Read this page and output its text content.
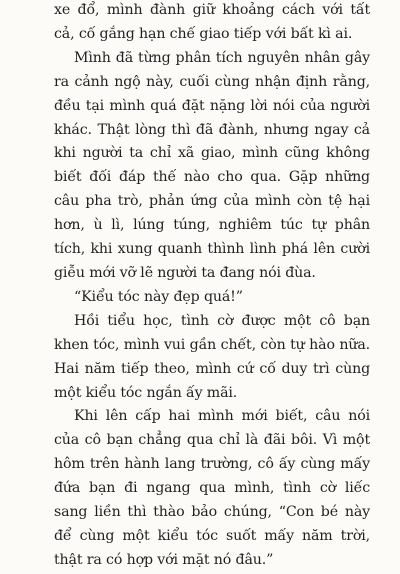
xe đổ, mình đành giữ khoảng cách với tất cả, cố gắng hạn chế giao tiếp với bất kì ai.

Mình đã từng phân tích nguyên nhân gây ra cảnh ngộ này, cuối cùng nhận định rằng, đều tại mình quá đặt nặng lời nói của người khác. Thật lòng thì đã đành, nhưng ngay cả khi người ta chỉ xã giao, mình cũng không biết đối đáp thế nào cho qua. Gặp những câu pha trò, phản ứng của mình còn tệ hại hơn, ù lì, lúng túng, nghiêm túc tự phân tích, khi xung quanh thình lình phá lên cười giễu mới vỡ lẽ người ta đang nói đùa.

“Kiểu tóc này đẹp quá!”

Hồi tiểu học, tình cờ được một cô bạn khen tóc, mình vui gần chết, còn tự hào nữa. Hai năm tiếp theo, mình cứ cố duy trì cùng một kiểu tóc ngắn ấy mãi.

Khi lên cấp hai mình mới biết, câu nói của cô bạn chẳng qua chỉ là đãi bôi. Vì một hôm trên hành lang trường, cô ấy cùng mấy đứa bạn đi ngang qua mình, tình cờ liếc sang liền thì thào bảo chúng, “Con bé này để cùng một kiểu tóc suốt mấy năm trời, thật ra có hợp với mặt nó đâu.”
